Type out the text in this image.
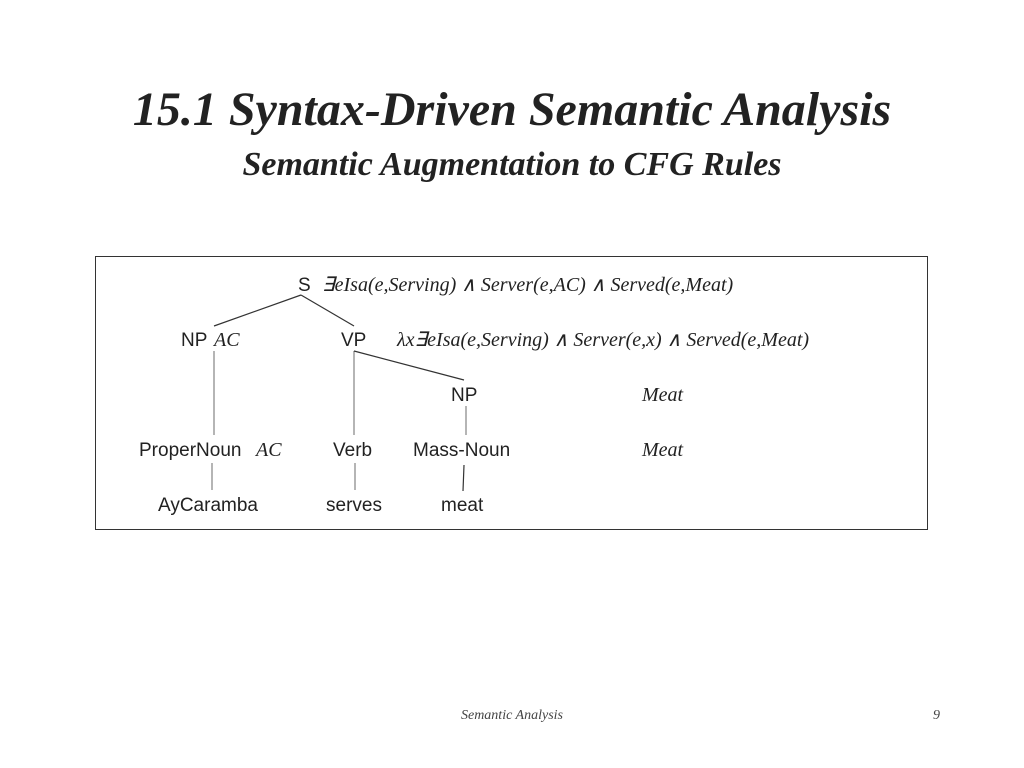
15.1 Syntax-Driven Semantic Analysis
Semantic Augmentation to CFG Rules
S ∃eIsa(e,Serving) ∧ Server(e,AC) ∧ Served(e,Meat)
NP AC	VP λx∃eIsa(e,Serving) ∧ Server(e,x) ∧ Served(e,Meat)
NP	Meat
ProperNoun AC	Verb Mass-Noun	Meat
AyCaramba	serves	meat
Semantic Analysis	9
